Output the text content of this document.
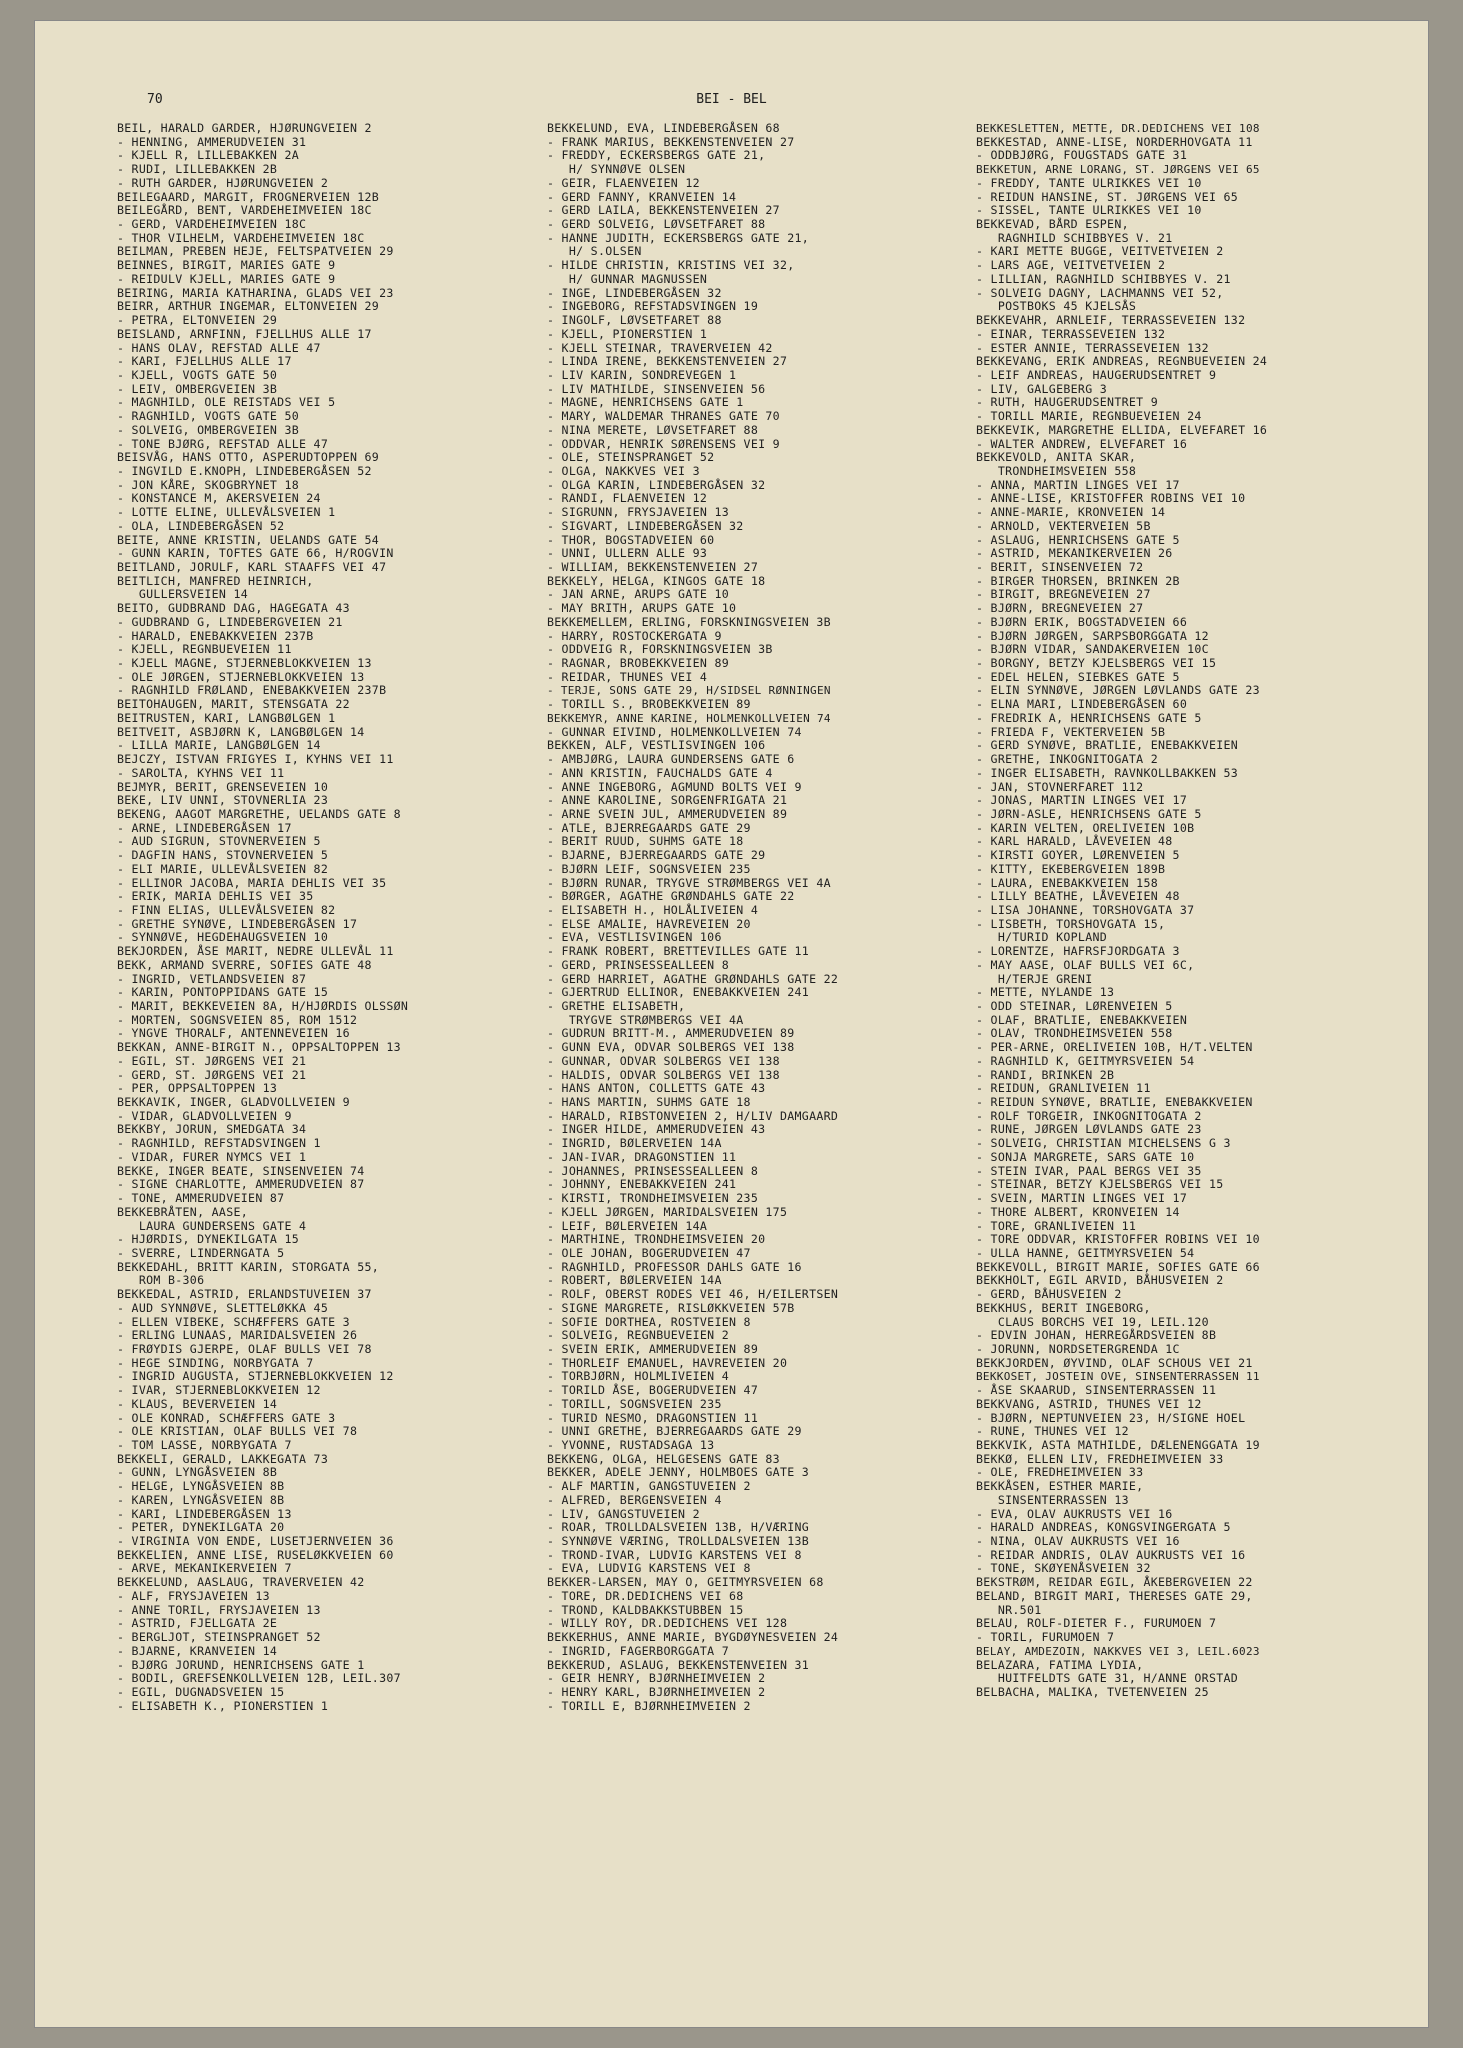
BEI - BEL
70
BEIL, HARALD GARDER, HJØRUNGVEIEN 2
- HENNING, AMMERUDVEIEN 31
- KJELL R, LILLEBAKKEN 2A
- RUDI, LILLEBAKKEN 2B
- RUTH GARDER, HJØRUNGVEIEN 2
BEILEGAARD, MARGIT, FROGNERVEIEN 12B
BEILEGÅRD, BENT, VARDEHEIMVEIEN 18C
- GERD, VARDEHEIMVEIEN 18C
- THOR VILHELM, VARDEHEIMVEIEN 18C
BEILMAN, PREBEN HEJE, FELTSPATVEIEN 29
BEINNES, BIRGIT, MARIES GATE 9
- REIDULV KJELL, MARIES GATE 9
BEIRING, MARIA KATHARINA, GLADS VEI 23
BEIRR, ARTHUR INGEMAR, ELTONVEIEN 29
- PETRA, ELTONVEIEN 29
BEISLAND, ARNFINN, FJELLHUS ALLE 17
- HANS OLAV, REFSTAD ALLE 47
- KARI, FJELLHUS ALLE 17
- KJELL, VOGTS GATE 50
- LEIV, OMBERGVEIEN 3B
- MAGNHILD, OLE REISTADS VEI 5
- RAGNHILD, VOGTS GATE 50
- SOLVEIG, OMBERGVEIEN 3B
- TONE BJØRG, REFSTAD ALLE 47
BEISVÅG, HANS OTTO, ASPERUDTOPPEN 69
- INGVILD E.KNOPH, LINDEBERGÅSEN 52
- JON KÅRE, SKOGBRYNET 18
- KONSTANCE M, AKERSVEIEN 24
- LOTTE ELINE, ULLEVÅLSVEIEN 1
- OLA, LINDEBERGÅSEN 52
BEITE, ANNE KRISTIN, UELANDS GATE 54
- GUNN KARIN, TOFTES GATE 66, H/ROGVIN
BEITLAND, JORULF, KARL STAAFFS VEI 47
BEITLICH, MANFRED HEINRICH,
GULLERSVEIEN 14
BEITO, GUDBRAND DAG, HAGEGATA 43
- GUDBRAND G, LINDEBERGVEIEN 21
- HARALD, ENEBAKKVEIEN 237B
- KJELL, REGNBUEVEIEN 11
- KJELL MAGNE, STJERNEBLOKKVEIEN 13
- OLE JØRGEN, STJERNEBLOKKVEIEN 13
- RAGNHILD FRØLAND, ENEBAKKVEIEN 237B
BEITOHAUGEN, MARIT, STENSGATA 22
BEITRUSTEN, KARI, LANGBØLGEN 1
BEITVEIT, ASBJØRN K, LANGBØLGEN 14
- LILLA MARIE, LANGBØLGEN 14
BEJCZY, ISTVAN FRIGYES I, KYHNS VEI 11
- SAROLTA, KYHNS VEI 11
BEJMYR, BERIT, GRENSEVEIEN 10
BEKE, LIV UNNI, STOVNERLIA 23
BEKENG, AAGOT MARGRETHE, UELANDS GATE 8
- ARNE, LINDEBERGÅSEN 17
- AUD SIGRUN, STOVNERVEIEN 5
- DAGFIN HANS, STOVNERVEIEN 5
- ELI MARIE, ULLEVÅLSVEIEN 82
- ELLINOR JACOBA, MARIA DEHLIS VEI 35
- ERIK, MARIA DEHLIS VEI 35
- FINN ELIAS, ULLEVÅLSVEIEN 82
- GRETHE SYNØVE, LINDEBERGÅSEN 17
- SYNNØVE, HEGDEHAUGSVEIEN 10
BEKJORDEN, ÅSE MARIT, NEDRE ULLEVÅL 11
BEKK, ARMAND SVERRE, SOFIES GATE 48
- INGRID, VETLANDSVEIEN 87
- KARIN, PONTOPPIDANS GATE 15
- MARIT, BEKKEVEIEN 8A, H/HJØRDIS OLSSØN
- MORTEN, SOGNSVEIEN 85, ROM 1512
- YNGVE THORALF, ANTENNEVEIEN 16
BEKKAN, ANNE-BIRGIT N., OPPSALTOPPEN 13
- EGIL, ST. JØRGENS VEI 21
- GERD, ST. JØRGENS VEI 21
- PER, OPPSALTOPPEN 13
BEKKAVIK, INGER, GLADVOLLVEIEN 9
- VIDAR, GLADVOLLVEIEN 9
BEKKBY, JORUN, SMEDGATA 34
- RAGNHILD, REFSTADSVINGEN 1
- VIDAR, FURER NYMCS VEI 1
BEKKE, INGER BEATE, SINSENVEIEN 74
- SIGNE CHARLOTTE, AMMERUDVEIEN 87
- TONE, AMMERUDVEIEN 87
BEKKEBRÅTEN, AASE,
LAURA GUNDERSENS GATE 4
- HJØRDIS, DYNEKILGATA 15
- SVERRE, LINDERNGATA 5
BEKKEDAHL, BRITT KARIN, STORGATA 55,
ROM B-306
BEKKEDAL, ASTRID, ERLANDSTUVEIEN 37
- AUD SYNNØVE, SLETTELØKKA 45
- ELLEN VIBEKE, SCHÆFFERS GATE 3
- ERLING LUNAAS, MARIDALSVEIEN 26
- FRØYDIS GJERPE, OLAF BULLS VEI 78
- HEGE SINDING, NORBYGATA 7
- INGRID AUGUSTA, STJERNEBLOKKVEIEN 12
- IVAR, STJERNEBLOKKVEIEN 12
- KLAUS, BEVERVEIEN 14
- OLE KONRAD, SCHÆFFERS GATE 3
- OLE KRISTIAN, OLAF BULLS VEI 78
- TOM LASSE, NORBYGATA 7
BEKKELI, GERALD, LAKKEGATA 73
- GUNN, LYNGÅSVEIEN 8B
- HELGE, LYNGÅSVEIEN 8B
- KAREN, LYNGÅSVEIEN 8B
- KARI, LINDEBERGÅSEN 13
- PETER, DYNEKILGATA 20
- VIRGINIA VON ENDE, LUSETJERNVEIEN 36
BEKKELIEN, ANNE LISE, RUSELØKKVEIEN 60
- ARVE, MEKANIKERVEIEN 7
BEKKELUND, AASLAUG, TRAVERVEIEN 42
- ALF, FRYSJAVEIEN 13
- ANNE TORIL, FRYSJAVEIEN 13
- ASTRID, FJELLGATA 2E
- BERGLJOT, STEINSPRANGET 52
- BJARNE, KRANVEIEN 14
- BJØRG JORUND, HENRICHSENS GATE 1
- BODIL, GREFSENKOLLVEIEN 12B, LEIL.307
- EGIL, DUGNADSVEIEN 15
- ELISABETH K., PIONERSTIEN 1
BEKKELUND, EVA, LINDEBERGÅSEN 68
- FRANK MARIUS, BEKKENSTENVEIEN 27
- FREDDY, ECKERSBERGS GATE 21,
H/ SYNNØVE OLSEN
- GEIR, FLAENVEIEN 12
- GERD FANNY, KRANVEIEN 14
- GERD LAILA, BEKKENSTENVEIEN 27
- GERD SOLVEIG, LØVSETFARET 88
- HANNE JUDITH, ECKERSBERGS GATE 21,
H/ S.OLSEN
- HILDE CHRISTIN, KRISTINS VEI 32,
H/ GUNNAR MAGNUSSEN
- INGE, LINDEBERGÅSEN 32
- INGEBORG, REFSTADSVINGEN 19
- INGOLF, LØVSETFARET 88
- KJELL, PIONERSTIEN 1
- KJELL STEINAR, TRAVERVEIEN 42
- LINDA IRENE, BEKKENSTENVEIEN 27
- LIV KARIN, SONDREVEGEN 1
- LIV MATHILDE, SINSENVEIEN 56
- MAGNE, HENRICHSENS GATE 1
- MARY, WALDEMAR THRANES GATE 70
- NINA MERETE, LØVSETFARET 88
- ODDVAR, HENRIK SØRENSENS VEI 9
- OLE, STEINSPRANGET 52
- OLGA, NAKKVES VEI 3
- OLGA KARIN, LINDEBERGÅSEN 32
- RANDI, FLAENVEIEN 12
- SIGRUNN, FRYSJAVEIEN 13
- SIGVART, LINDEBERGÅSEN 32
- THOR, BOGSTADVEIEN 60
- UNNI, ULLERN ALLE 93
- WILLIAM, BEKKENSTENVEIEN 27
BEKKELY, HELGA, KINGOS GATE 18
- JAN ARNE, ARUPS GATE 10
- MAY BRITH, ARUPS GATE 10
BEKKEMELLEM, ERLING, FORSKNINGSVEIEN 3B
- HARRY, ROSTOCKERGATA 9
- ODDVEIG R, FORSKNINGSVEIEN 3B
- RAGNAR, BROBEKKVEIEN 89
- REIDAR, THUNES VEI 4
- TERJE, SONS GATE 29, H/SIDSEL RØNNINGEN
- TORILL S., BROBEKKVEIEN 89
BEKKEMYR, ANNE KARINE, HOLMENKOLLVEIEN 74
- GUNNAR EIVIND, HOLMENKOLLVEIEN 74
BEKKEN, ALF, VESTLISVINGEN 106
- AMBJØRG, LAURA GUNDERSENS GATE 6
- ANN KRISTIN, FAUCHALDS GATE 4
- ANNE INGEBORG, AGMUND BOLTS VEI 9
- ANNE KAROLINE, SORGENFRIGATA 21
- ARNE SVEIN JUL, AMMERUDVEIEN 89
- ATLE, BJERREGAARDS GATE 29
- BERIT RUUD, SUHMS GATE 18
- BJARNE, BJERREGAARDS GATE 29
- BJØRN LEIF, SOGNSVEIEN 235
- BJØRN RUNAR, TRYGVE STRØMBERGS VEI 4A
- BØRGER, AGATHE GRØNDAHLS GATE 22
- ELISABETH H., HOLÅLIVEIEN 4
- ELSE AMALIE, HAVREVEIEN 20
- EVA, VESTLISVINGEN 106
- FRANK ROBERT, BRETTEVILLES GATE 11
- GERD, PRINSESSEALLEEN 8
- GERD HARRIET, AGATHE GRØNDAHLS GATE 22
- GJERTRUD ELLINOR, ENEBAKKVEIEN 241
- GRETHE ELISABETH,
TRYGVE STRØMBERGS VEI 4A
- GUDRUN BRITT-M., AMMERUDVEIEN 89
- GUNN EVA, ODVAR SOLBERGS VEI 138
- GUNNAR, ODVAR SOLBERGS VEI 138
- HALDIS, ODVAR SOLBERGS VEI 138
- HANS ANTON, COLLETTS GATE 43
- HANS MARTIN, SUHMS GATE 18
- HARALD, RIBSTONVEIEN 2, H/LIV DAMGAARD
- INGER HILDE, AMMERUDVEIEN 43
- INGRID, BØLERVEIEN 14A
- JAN-IVAR, DRAGONSTIEN 11
- JOHANNES, PRINSESSEALLEEN 8
- JOHNNY, ENEBAKKVEIEN 241
- KIRSTI, TRONDHEIMSVEIEN 235
- KJELL JØRGEN, MARIDALSVEIEN 175
- LEIF, BØLERVEIEN 14A
- MARTHINE, TRONDHEIMSVEIEN 20
- OLE JOHAN, BOGERUDVEIEN 47
- RAGNHILD, PROFESSOR DAHLS GATE 16
- ROBERT, BØLERVEIEN 14A
- ROLF, OBERST RODES VEI 46, H/EILERTSEN
- SIGNE MARGRETE, RISLØKKVEIEN 57B
- SOFIE DORTHEA, ROSTVEIEN 8
- SOLVEIG, REGNBUEVEIEN 2
- SVEIN ERIK, AMMERUDVEIEN 89
- THORLEIF EMANUEL, HAVREVEIEN 20
- TORBJØRN, HOLMLIVEIEN 4
- TORILD ÅSE, BOGERUDVEIEN 47
- TORILL, SOGNSVEIEN 235
- TURID NESMO, DRAGONSTIEN 11
- UNNI GRETHE, BJERREGAARDS GATE 29
- YVONNE, RUSTADSAGA 13
BEKKENG, OLGA, HELGESENS GATE 83
BEKKER, ADELE JENNY, HOLMBOES GATE 3
- ALF MARTIN, GANGSTUVEIEN 2
- ALFRED, BERGENSVEIEN 4
- LIV, GANGSTUVEIEN 2
- ROAR, TROLLDALSVEIEN 13B, H/VÆRING
- SYNNØVE VÆRING, TROLLDALSVEIEN 13B
- TROND-IVAR, LUDVIG KARSTENS VEI 8
- EVA, LUDVIG KARSTENS VEI 8
BEKKER-LARSEN, MAY O, GEITMYRSVEIEN 68
- TORE, DR.DEDICHENS VEI 68
- TROND, KALDBAKKSTUBBEN 15
- WILLY ROY, DR.DEDICHENS VEI 128
BEKKERHUS, ANNE MARIE, BYGDØYNESVEIEN 24
- INGRID, FAGERBORGGATA 7
BEKKERUD, ASLAUG, BEKKENSTENVEIEN 31
- GEIR HENRY, BJØRNHEIMVEIEN 2
- HENRY KARL, BJØRNHEIMVEIEN 2
- TORILL E, BJØRNHEIMVEIEN 2
BEKKESLETTEN, METTE, DR.DEDICHENS VEI 108
BEKKESTAD, ANNE-LISE, NORDERHOVGATA 11
- ODDBJØRG, FOUGSTADS GATE 31
BEKKETUN, ARNE LORANG, ST. JØRGENS VEI 65
- FREDDY, TANTE ULRIKKES VEI 10
- REIDUN HANSINE, ST. JØRGENS VEI 65
- SISSEL, TANTE ULRIKKES VEI 10
BEKKEVAD, BÅRD ESPEN,
RAGNHILD SCHIBBYES V. 21
- KARI METTE BUGGE, VEITVETVEIEN 2
- LARS AGE, VEITVETVEIEN 2
- LILLIAN, RAGNHILD SCHIBBYES V. 21
- SOLVEIG DAGNY, LACHMANNS VEI 52,
POSTBOKS 45 KJELSÅS
BEKKEVAHR, ARNLEIF, TERRASSEVEIEN 132
- EINAR, TERRASSEVEIEN 132
- ESTER ANNIE, TERRASSEVEIEN 132
BEKKEVANG, ERIK ANDREAS, REGNBUEVEIEN 24
- LEIF ANDREAS, HAUGERUDSENTRET 9
- LIV, GALGEBERG 3
- RUTH, HAUGERUDSENTRET 9
- TORILL MARIE, REGNBUEVEIEN 24
BEKKEVIK, MARGRETHE ELLIDA, ELVEFARET 16
- WALTER ANDREW, ELVEFARET 16
BEKKEVOLD, ANITA SKAR,
TRONDHEIMSVEIEN 558
- ANNA, MARTIN LINGES VEI 17
- ANNE-LISE, KRISTOFFER ROBINS VEI 10
- ANNE-MARIE, KRONVEIEN 14
- ARNOLD, VEKTERVEIEN 5B
- ASLAUG, HENRICHSENS GATE 5
- ASTRID, MEKANIKERVEIEN 26
- BERIT, SINSENVEIEN 72
- BIRGER THORSEN, BRINKEN 2B
- BIRGIT, BREGNEVEIEN 27
- BJØRN, BREGNEVEIEN 27
- BJØRN ERIK, BOGSTADVEIEN 66
- BJØRN JØRGEN, SARPSBORGGATA 12
- BJØRN VIDAR, SANDAKERVEIEN 10C
- BORGNY, BETZY KJELSBERGS VEI 15
- EDEL HELEN, SIEBKES GATE 5
- ELIN SYNNØVE, JØRGEN LØVLANDS GATE 23
- ELNA MARI, LINDEBERGÅSEN 60
- FREDRIK A, HENRICHSENS GATE 5
- FRIEDA F, VEKTERVEIEN 5B
- GERD SYNØVE, BRATLIE, ENEBAKKVEIEN
- GRETHE, INKOGNITOGATA 2
- INGER ELISABETH, RAVNKOLLBAKKEN 53
- JAN, STOVNERFARET 112
- JONAS, MARTIN LINGES VEI 17
- JØRN-ASLE, HENRICHSENS GATE 5
- KARIN VELTEN, ORELIVEIEN 10B
- KARL HARALD, LÅVEVEIEN 48
- KIRSTI GOYER, LØRENVEIEN 5
- KITTY, EKEBERGVEIEN 189B
- LAURA, ENEBAKKVEIEN 158
- LILLY BEATHE, LÅVEVEIEN 48
- LISA JOHANNE, TORSHOVGATA 37
- LISBETH, TORSHOVGATA 15,
H/TURID KOPLAND
- LORENTZE, HAFRSFJORDGATA 3
- MAY AASE, OLAF BULLS VEI 6C,
H/TERJE GRENI
- METTE, NYLANDE 13
- ODD STEINAR, LØRENVEIEN 5
- OLAF, BRATLIE, ENEBAKKVEIEN
- OLAV, TRONDHEIMSVEIEN 558
- PER-ARNE, ORELIVEIEN 10B, H/T.VELTEN
- RAGNHILD K, GEITMYRSVEIEN 54
- RANDI, BRINKEN 2B
- REIDUN, GRANLIVEIEN 11
- REIDUN SYNØVE, BRATLIE, ENEBAKKVEIEN
- ROLF TORGEIR, INKOGNITOGATA 2
- RUNE, JØRGEN LØVLANDS GATE 23
- SOLVEIG, CHRISTIAN MICHELSENS G 3
- SONJA MARGRETE, SARS GATE 10
- STEIN IVAR, PAAL BERGS VEI 35
- STEINAR, BETZY KJELSBERGS VEI 15
- SVEIN, MARTIN LINGES VEI 17
- THORE ALBERT, KRONVEIEN 14
- TORE, GRANLIVEIEN 11
- TORE ODDVAR, KRISTOFFER ROBINS VEI 10
- ULLA HANNE, GEITMYRSVEIEN 54
BEKKEVOLL, BIRGIT MARIE, SOFIES GATE 66
BEKKHOLT, EGIL ARVID, BÅHUSVEIEN 2
- GERD, BÅHUSVEIEN 2
BEKKHUS, BERIT INGEBORG,
CLAUS BORCHS VEI 19, LEIL.120
- EDVIN JOHAN, HERREGÅRDSVEIEN 8B
- JORUNN, NORDSETERGRENDA 1C
BEKKJORDEN, ØYVIND, OLAF SCHOUS VEI 21
BEKKOSET, JOSTEIN OVE, SINSENTERRASSEN 11
- ÅSE SKAARUD, SINSENTERRASSEN 11
BEKKVANG, ASTRID, THUNES VEI 12
- BJØRN, NEPTUNVEIEN 23, H/SIGNE HOEL
- RUNE, THUNES VEI 12
BEKKVIK, ASTA MATHILDE, DÆLENENGGATA 19
BEKKØ, ELLEN LIV, FREDHEIMVEIEN 33
- OLE, FREDHEIMVEIEN 33
BEKKÅSEN, ESTHER MARIE,
SINSENTERRASSEN 13
- EVA, OLAV AUKRUSTS VEI 16
- HARALD ANDREAS, KONGSVINGERGATA 5
- NINA, OLAV AUKRUSTS VEI 16
- REIDAR ANDRIS, OLAV AUKRUSTS VEI 16
- TONE, SKØYENÅSVEIEN 32
BEKSTRØM, REIDAR EGIL, ÅKEBERGVEIEN 22
BELAND, BIRGIT MARI, THERESES GATE 29,
NR.501
BELAU, ROLF-DIETER F., FURUMOEN 7
- TORIL, FURUMOEN 7
BELAY, AMDEZOIN, NAKKVES VEI 3, LEIL.6023
BELAZARA, FATIMA LYDIA,
HUITFELDTS GATE 31, H/ANNE ORSTAD
BELBACHA, MALIKA, TVETENVEIEN 25
